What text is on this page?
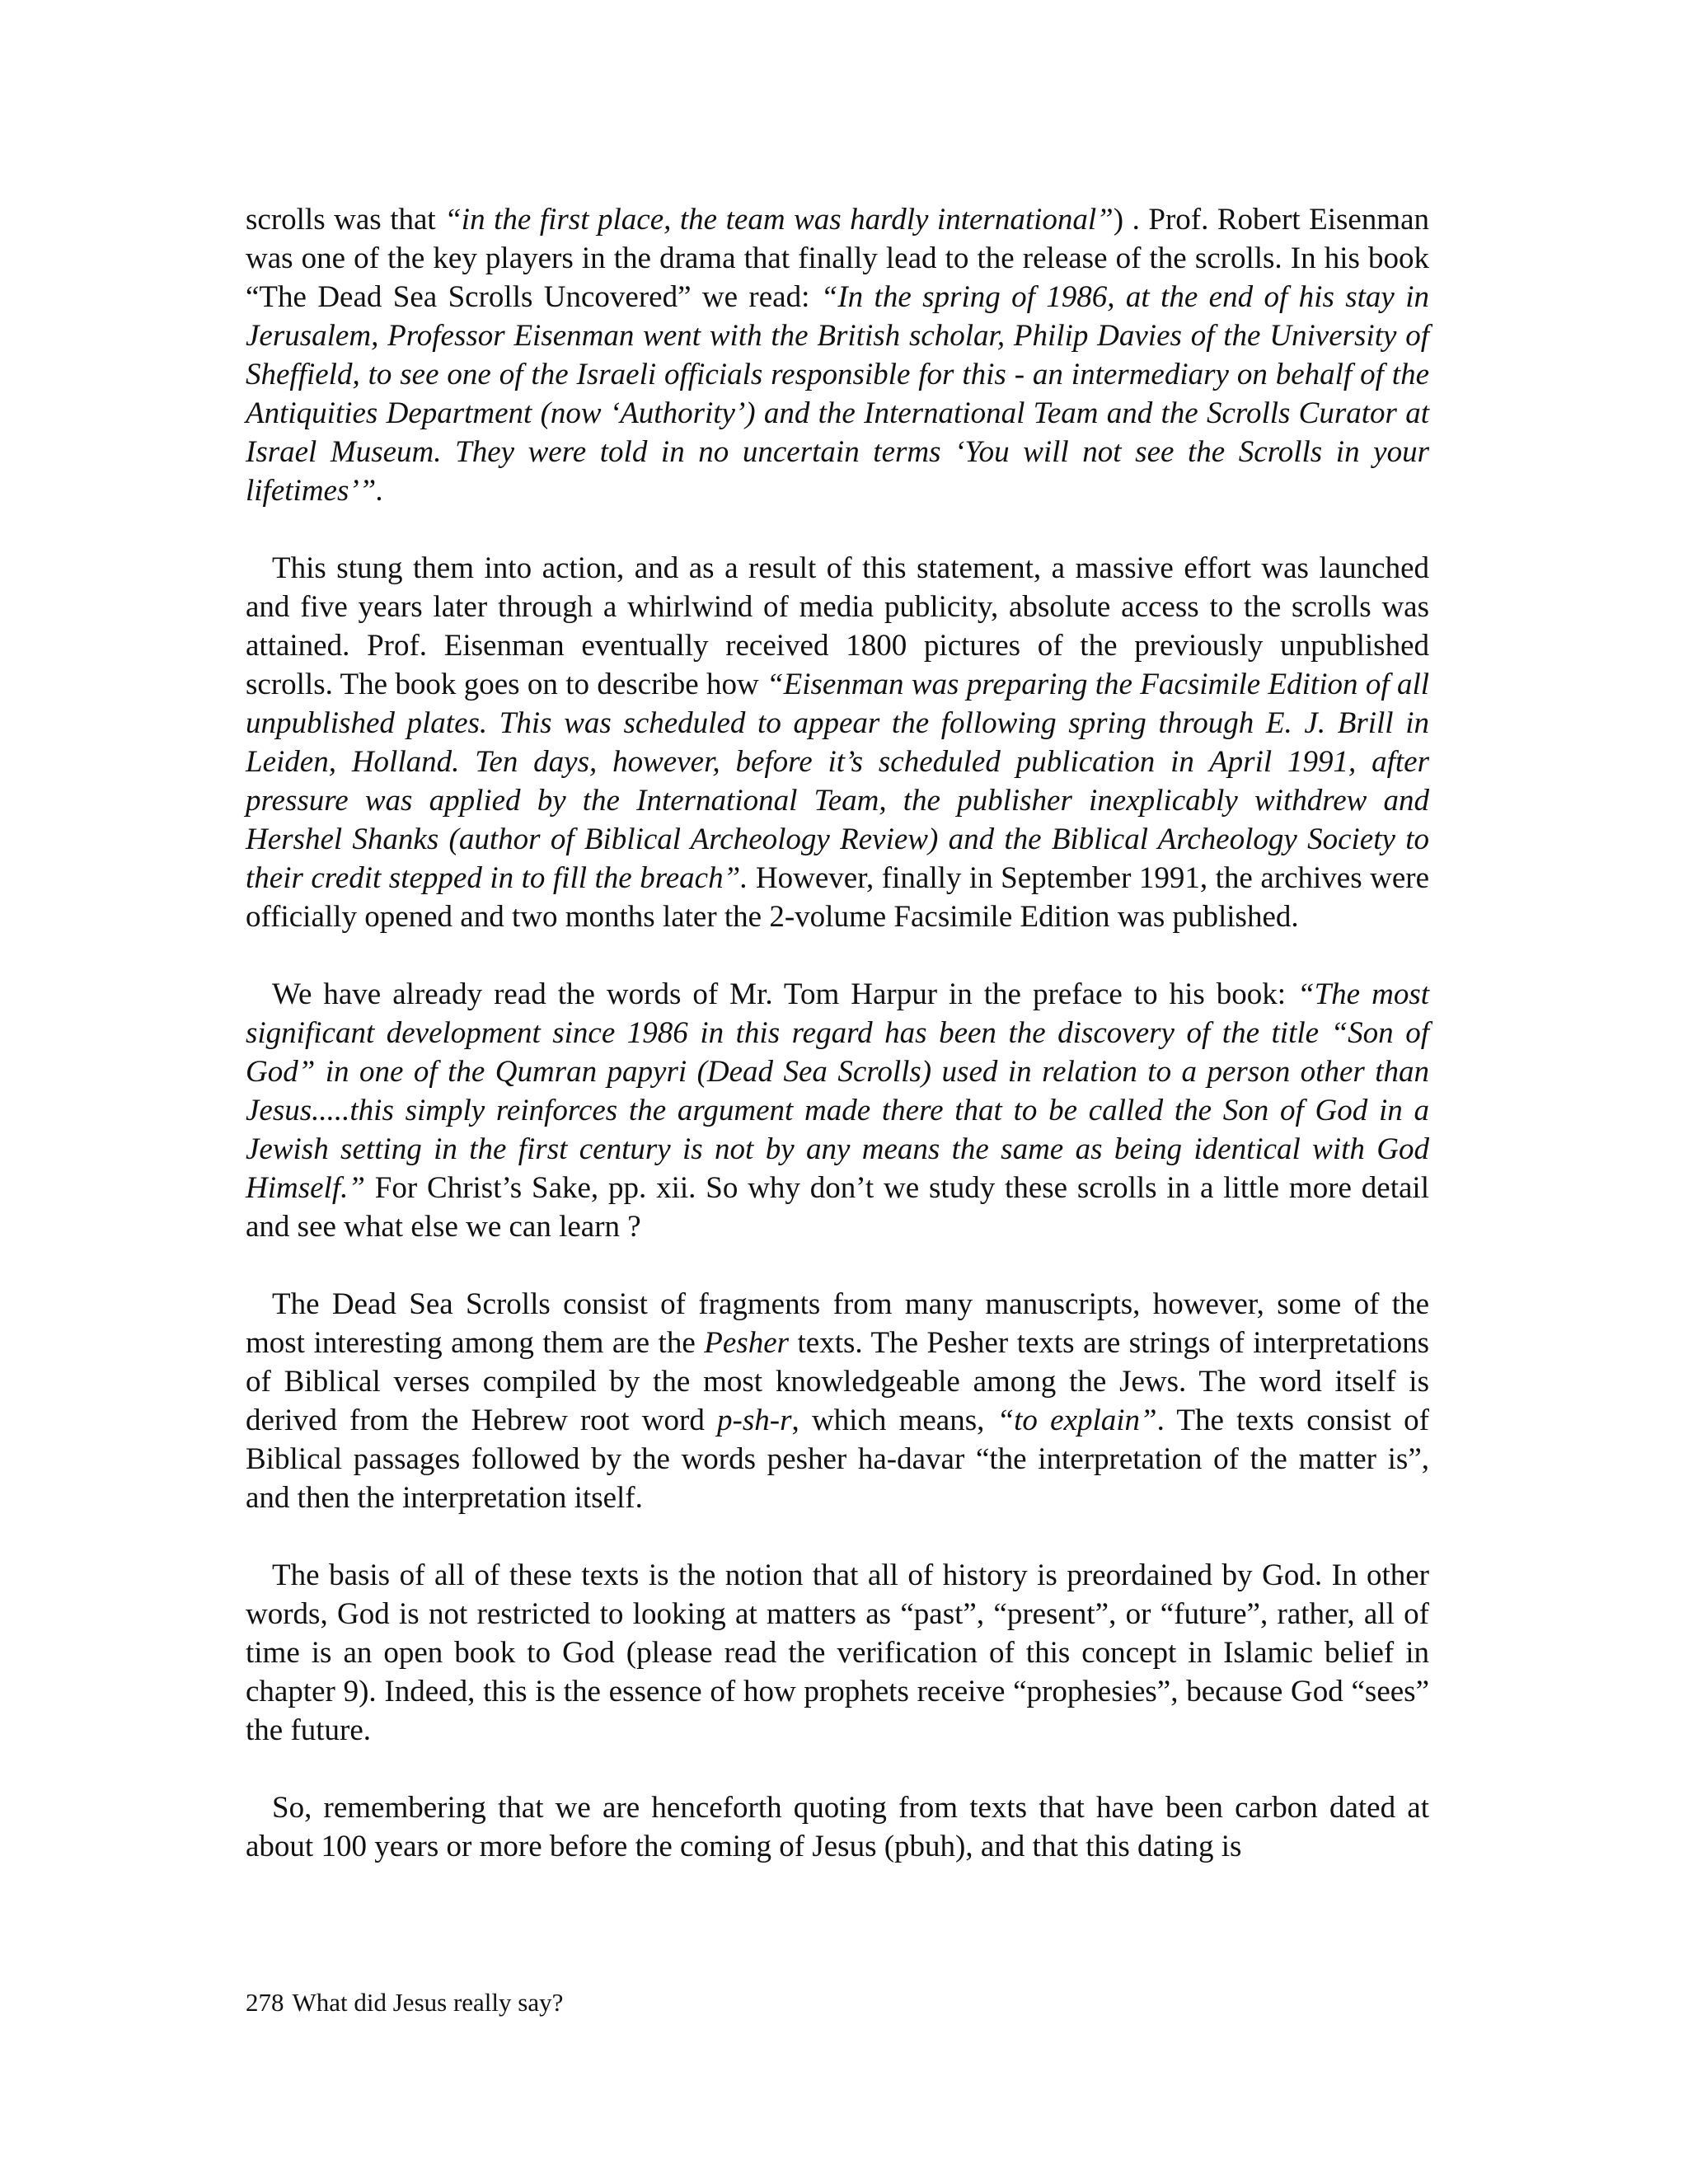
scrolls was that “in the first place, the team was hardly international”) . Prof. Robert Eisenman was one of the key players in the drama that finally lead to the release of the scrolls. In his book “The Dead Sea Scrolls Uncovered” we read: “In the spring of 1986, at the end of his stay in Jerusalem, Professor Eisenman went with the British scholar, Philip Davies of the University of Sheffield, to see one of the Israeli officials responsible for this - an intermediary on behalf of the Antiquities Department (now ‘Authority’) and the International Team and the Scrolls Curator at Israel Museum. They were told in no uncertain terms ‘You will not see the Scrolls in your lifetimes’”.

This stung them into action, and as a result of this statement, a massive effort was launched and five years later through a whirlwind of media publicity, absolute access to the scrolls was attained. Prof. Eisenman eventually received 1800 pictures of the previously unpublished scrolls. The book goes on to describe how “Eisenman was preparing the Facsimile Edition of all unpublished plates. This was scheduled to appear the following spring through E. J. Brill in Leiden, Holland. Ten days, however, before it’s scheduled publication in April 1991, after pressure was applied by the International Team, the publisher inexplicably withdrew and Hershel Shanks (author of Biblical Archeology Review) and the Biblical Archeology Society to their credit stepped in to fill the breach”. However, finally in September 1991, the archives were officially opened and two months later the 2-volume Facsimile Edition was published.

We have already read the words of Mr. Tom Harpur in the preface to his book: “The most significant development since 1986 in this regard has been the discovery of the title “Son of God” in one of the Qumran papyri (Dead Sea Scrolls) used in relation to a person other than Jesus.....this simply reinforces the argument made there that to be called the Son of God in a Jewish setting in the first century is not by any means the same as being identical with God Himself.” For Christ’s Sake, pp. xii. So why don’t we study these scrolls in a little more detail and see what else we can learn ?

The Dead Sea Scrolls consist of fragments from many manuscripts, however, some of the most interesting among them are the Pesher texts. The Pesher texts are strings of interpretations of Biblical verses compiled by the most knowledgeable among the Jews. The word itself is derived from the Hebrew root word p-sh-r, which means, “to explain”. The texts consist of Biblical passages followed by the words pesher ha-davar “the interpretation of the matter is”, and then the interpretation itself.

The basis of all of these texts is the notion that all of history is preordained by God. In other words, God is not restricted to looking at matters as “past”, “present”, or “future”, rather, all of time is an open book to God (please read the verification of this concept in Islamic belief in chapter 9). Indeed, this is the essence of how prophets receive “prophesies”, because God “sees” the future.

So, remembering that we are henceforth quoting from texts that have been carbon dated at about 100 years or more before the coming of Jesus (pbuh), and that this dating is

278 What did Jesus really say?
